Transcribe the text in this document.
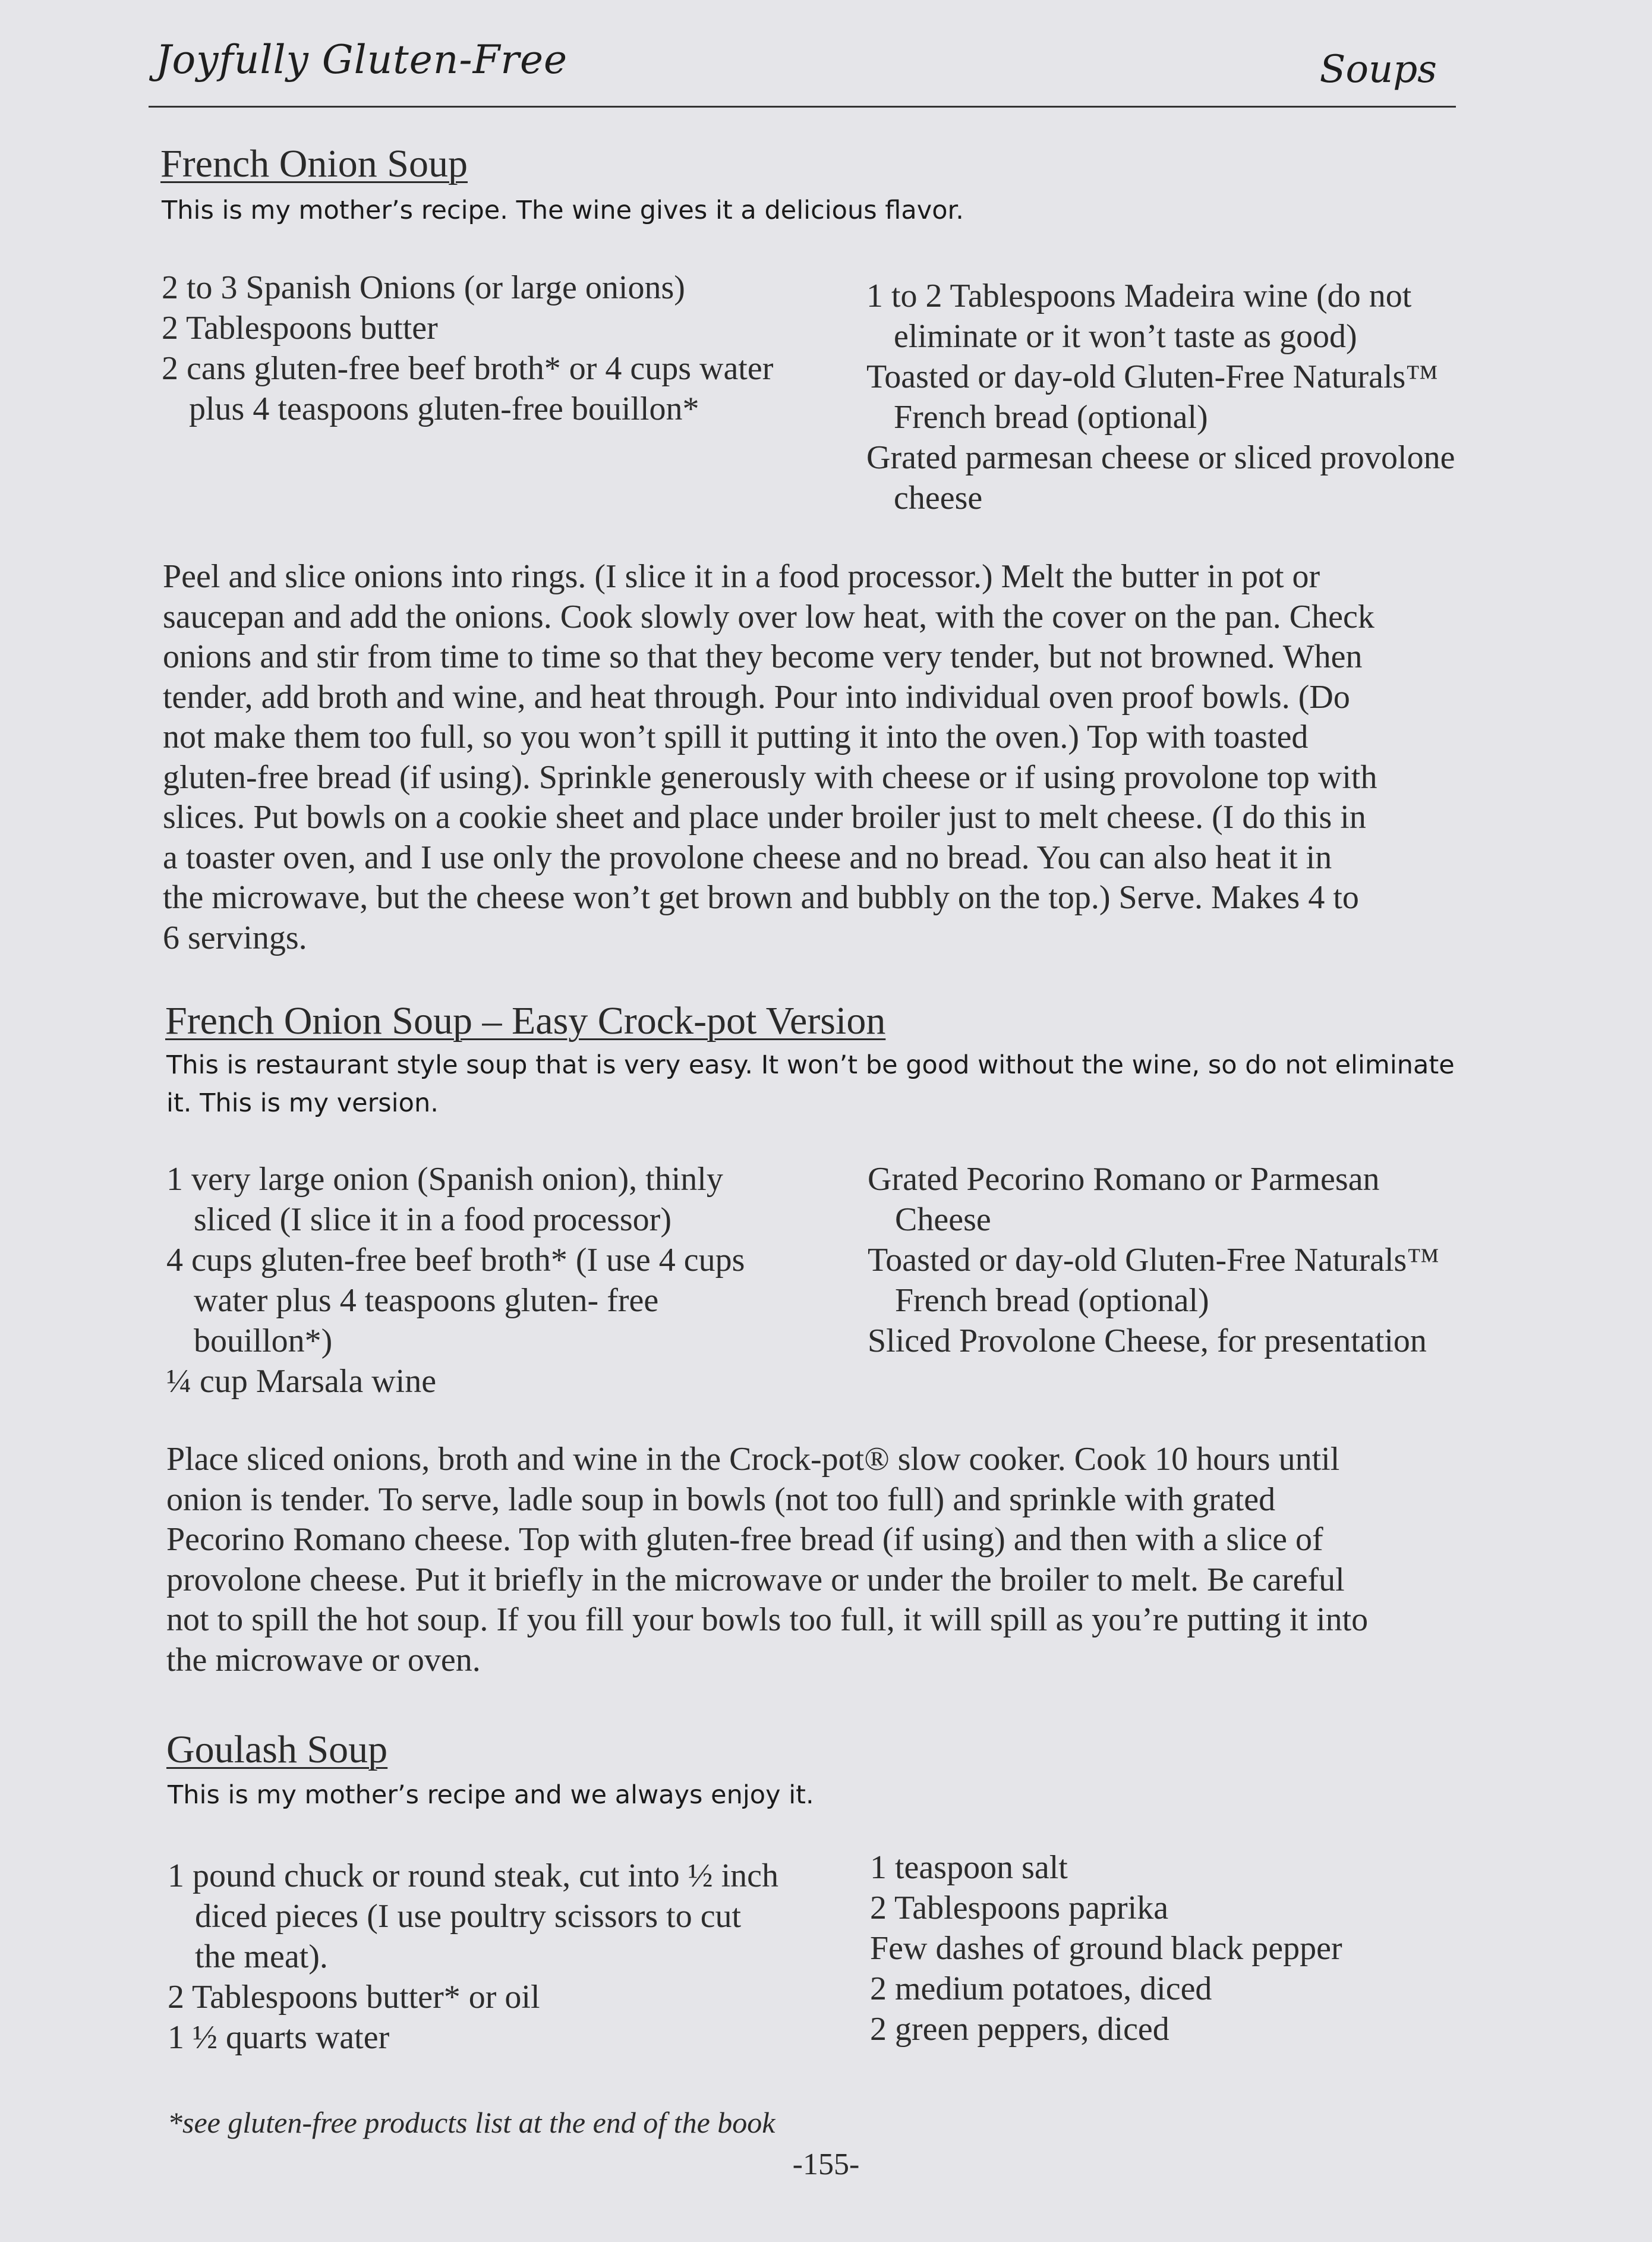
Joyfully Gluten-Free	Soups
French Onion Soup
This is my mother’s recipe. The wine gives it a delicious flavor.
2 to 3 Spanish Onions (or large onions)
2 Tablespoons butter
2 cans gluten-free beef broth* or 4 cups water plus 4 teaspoons gluten-free bouillon*
1 to 2 Tablespoons Madeira wine (do not eliminate or it won’t taste as good)
Toasted or day-old Gluten-Free Naturals™ French bread (optional)
Grated parmesan cheese or sliced provolone cheese
Peel and slice onions into rings. (I slice it in a food processor.) Melt the butter in pot or
saucepan and add the onions. Cook slowly over low heat, with the cover on the pan. Check
onions and stir from time to time so that they become very tender, but not browned. When
tender, add broth and wine, and heat through. Pour into individual oven proof bowls. (Do
not make them too full, so you won’t spill it putting it into the oven.) Top with toasted
gluten-free bread (if using). Sprinkle generously with cheese or if using provolone top with
slices. Put bowls on a cookie sheet and place under broiler just to melt cheese. (I do this in
a toaster oven, and I use only the provolone cheese and no bread. You can also heat it in
the microwave, but the cheese won’t get brown and bubbly on the top.) Serve. Makes 4 to
6 servings.
French Onion Soup – Easy Crock-pot Version
This is restaurant style soup that is very easy. It won’t be good without the wine, so do not eliminate it. This is my version.
1 very large onion (Spanish onion), thinly sliced (I slice it in a food processor)
4 cups gluten-free beef broth* (I use 4 cups water plus 4 teaspoons gluten- free bouillon*)
¼ cup Marsala wine
Grated Pecorino Romano or Parmesan Cheese
Toasted or day-old Gluten-Free Naturals™ French bread (optional)
Sliced Provolone Cheese, for presentation
Place sliced onions, broth and wine in the Crock-pot® slow cooker. Cook 10 hours until
onion is tender. To serve, ladle soup in bowls (not too full) and sprinkle with grated
Pecorino Romano cheese. Top with gluten-free bread (if using) and then with a slice of
provolone cheese. Put it briefly in the microwave or under the broiler to melt. Be careful
not to spill the hot soup. If you fill your bowls too full, it will spill as you’re putting it into
the microwave or oven.
Goulash Soup
This is my mother’s recipe and we always enjoy it.
1 pound chuck or round steak, cut into ½ inch diced pieces (I use poultry scissors to cut the meat).
2 Tablespoons butter* or oil
1 ½ quarts water
1 teaspoon salt
2 Tablespoons paprika
Few dashes of ground black pepper
2 medium potatoes, diced
2 green peppers, diced
*see gluten-free products list at the end of the book
-155-
